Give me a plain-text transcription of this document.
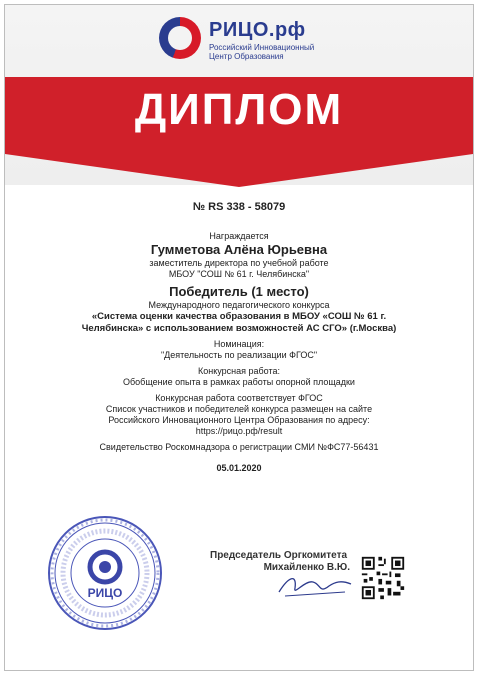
РИЦО.рф
Российский Инновационный
Центр Образования
ДИПЛОМ
№ RS 338 - 58079
Награждается
Гумметова Алёна Юрьевна
заместитель директора по учебной работе
МБОУ "СОШ № 61 г. Челябинска"
Победитель (1 место)
Международного педагогического конкурса
«Система оценки качества образования в МБОУ «СОШ № 61 г. Челябинска» с использованием возможностей АС СГО» (г.Москва)
Номинация:
"Деятельность по реализации ФГОС"
Конкурсная работа:
Обобщение опыта в рамках работы опорной площадки
Конкурсная работа соответствует ФГОС
Список участников и победителей конкурса размещен на сайте
Российского Инновационного Центра Образования по адресу:
https://рицо.рф/result
Свидетельство Роскомнадзора о регистрации СМИ №ФС77-56431
05.01.2020
РИЦО
Председатель Оргкомитета
Михайленко В.Ю.
